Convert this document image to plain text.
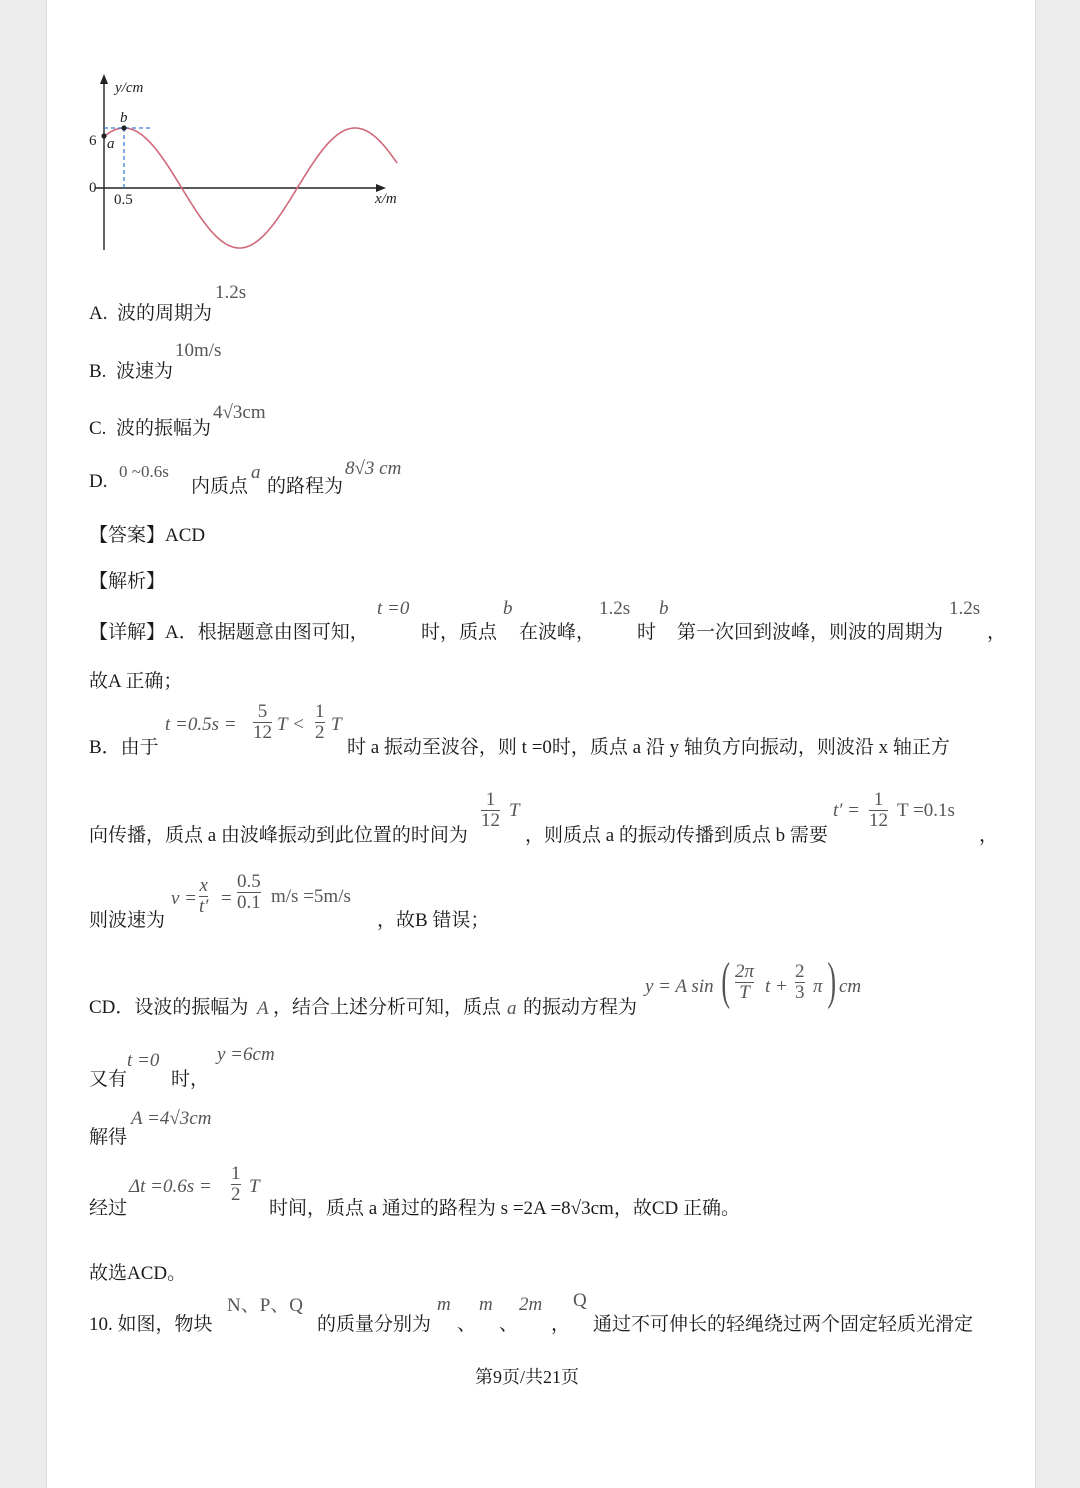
y/cm
x/m
6
0
0.5
a
b
A. 波的周期为
1.2s
B. 波速为
10m/s
C. 波的振幅为
4√3cm
D. 0 ~0.6s
内质点
a
的路程为
8√3 cm
【答案】ACD
【解析】
【详解】A．根据题意由图可知，
t =0
时，质点
b
在波峰，
1.2s
时
b
第一次回到波峰，则波的周期为
1.2s
，
故A 正确；
B．由于
t =0.5s =
5
12 T <
1
2 T
时 a 振动至波谷，则 t =0时，质点 a 沿 y 轴负方向振动，则波沿 x 轴正方
向传播，质点 a 由波峰振动到此位置的时间为
1
12 T
，则质点 a 的振动传播到质点 b 需要
t′ =
1
12 T =0.1s
，
则波速为
v =
x
t′ =
0.5
0.1 m/s =5m/s
，故B 错误；
CD．设波的振幅为 A ，结合上述分析可知，质点 a 的振动方程为
y = A sin ( 2π
T t +
2
3 π ) cm
又有
t =0
时，
y =6cm
解得
A =4√3cm
经过
Δt =0.6s =
1
2 T
时间，质点 a 通过的路程为 s =2A =8√3cm，故CD 正确。
故选ACD。
10. 如图，物块
N、P、Q
的质量分别为
m
、
m
、
2m
，
Q
通过不可伸长的轻绳绕过两个固定轻质光滑定
第9页/共21页
